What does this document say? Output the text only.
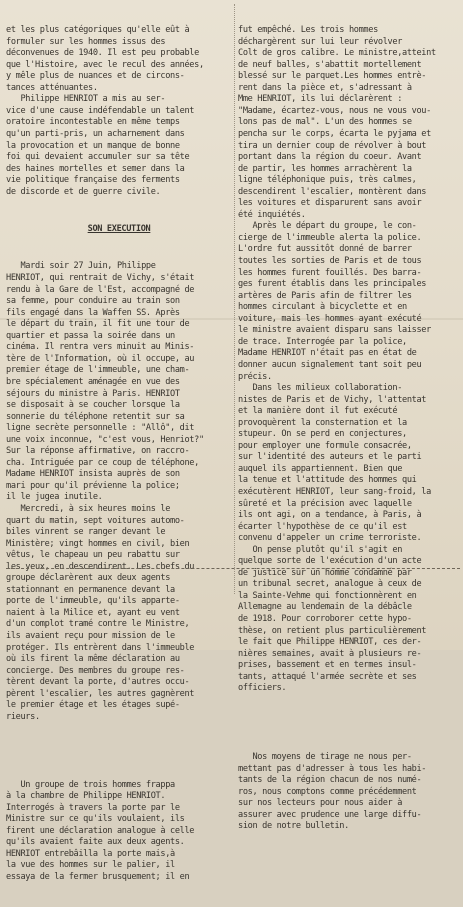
et les plus catégoriques qu'elle eût à
formuler sur les hommes issus des
déconvenues de 1940. Il est peu probable
que l'Histoire, avec le recul des années,
y mêle plus de nuances et de circons-
tances atténuantes.
Philippe HENRIOT a mis au ser-
vice d'une cause indéfendable un talent
oratoire incontestable en même temps
qu'un parti-pris, un acharnement dans
la provocation et un manque de bonne
foi qui devaient accumuler sur sa tête
des haines mortelles et semer dans la
vie politique française des ferments
de discorde et de guerre civile.

SON EXECUTION

Mardi soir 27 Juin, Philippe
HENRIOT, qui rentrait de Vichy, s'était
rendu à la Gare de l'Est, accompagné de
sa femme, pour conduire au train son
fils engagé dans la Waffen SS. Après
le départ du train, il fit une tour de
quartier et passa la soirée dans un
cinéma. Il rentra vers minuit au Minis-
tère de l'Information, où il occupe, au
premier étage de l'immeuble, une cham-
bre spécialement aménagée en vue des
séjours du ministre à Paris. HENRIOT
se disposait à se coucher lorsque la
sonnerie du téléphone retentit sur sa
ligne secrète personnelle : "Allô", dit
une voix inconnue, "c'est vous, Henriot?"
Sur la réponse affirmative, on raccro-
cha. Intriguée par ce coup de téléphone,
Madame HENRIOT insista auprès de son
mari pour qu'il prévienne la police;
il le jugea inutile.
Mercredi, à six heures moins le
quart du matin, sept voitures automo-
biles vinrent se ranger devant le
Ministère; vingt hommes en civil, bien
vêtus, le chapeau un peu rabattu sur
les yeux, en descendirent. Les chefs du
groupe déclarèrent aux deux agents
stationnant en permanence devant la
porte de l'immeuble, qu'ils apparte-
naient à la Milice et, ayant eu vent
d'un complot tramé contre le Ministre,
ils avaient reçu pour mission de le
protéger. Ils entrèrent dans l'immeuble
où ils firent la même déclaration au
concierge. Des membres du groupe res-
tèrent devant la porte, d'autres occu-
pèrent l'escalier, les autres gagnèrent
le premier étage et les étages supé-
rieurs.

Un groupe de trois hommes frappa
à la chambre de Philippe HENRIOT.
Interrogés à travers la porte par le
Ministre sur ce qu'ils voulaient, ils
firent une déclaration analogue à celle
qu'ils avaient faite aux deux agents.
HENRIOT entrebâilla la porte mais,à
la vue des hommes sur le palier, il
essaya de la fermer brusquement; il en

fut empêché. Les trois hommes
déchargèrent sur lui leur révolver
Colt de gros calibre. Le ministre,atteint
de neuf balles, s'abattit mortellement
blessé sur le parquet.Les hommes entrè-
rent dans la pièce et, s'adressant à
Mme HENRIOT, ils lui déclarèrent :
"Madame, écartez-vous, nous ne vous vou-
lons pas de mal". L'un des hommes se
pencha sur le corps, écarta le pyjama et
tira un dernier coup de révolver à bout
portant dans la région du coeur. Avant
de partir, les hommes arrachèrent la
ligne téléphonique puis, très calmes,
descendirent l'escalier, montèrent dans
les voitures et disparurent sans avoir
été inquiétés.
Après le départ du groupe, le con-
cierge de l'immeuble alerta la police.
L'ordre fut aussitôt donné de barrer
toutes les sorties de Paris et de tous
les hommes furent fouillés. Des barra-
ges furent établis dans les principales
artères de Paris afin de filtrer les
hommes circulant à bicyclette et en
voiture, mais les hommes ayant exécuté
le ministre avaient disparu sans laisser
de trace. Interrogée par la police,
Madame HENRIOT n'était pas en état de
donner aucun signalement tant soit peu
précis.
Dans les milieux collaboration-
nistes de Paris et de Vichy, l'attentat
et la manière dont il fut exécuté
provoquèrent la consternation et la
stupeur. On se perd en conjectures,
pour employer une formule consacrée,
sur l'identité des auteurs et le parti
auquel ils appartiennent. Bien que
la tenue et l'attitude des hommes qui
exécutèrent HENRIOT, leur sang-froid, la
sûreté et la précision avec laquelle
ils ont agi, on a tendance, à Paris, à
écarter l'hypothèse de ce qu'il est
convenu d'appeler un crime terroriste.
On pense plutôt qu'il s'agit en
quelque sorte de l'exécution d'un acte
de justice sur un homme condamné par
un tribunal secret, analogue à ceux de
la Sainte-Vehme qui fonctionnèrent en
Allemagne au lendemain de la débâcle
de 1918. Pour corroborer cette hypo-
thèse, on retient plus particulièrement
le fait que Philippe HENRIOT, ces der-
nières semaines, avait à plusieurs re-
prises, bassement et en termes insul-
tants, attaqué l'armée secrète et ses
officiers.

Nos moyens de tirage ne nous per-
mettant pas d'adresser à tous les habi-
tants de la région chacun de nos numé-
ros, nous comptons comme précédemment
sur nos lecteurs pour nous aider à
assurer avec prudence une large diffu-
sion de notre bulletin.
